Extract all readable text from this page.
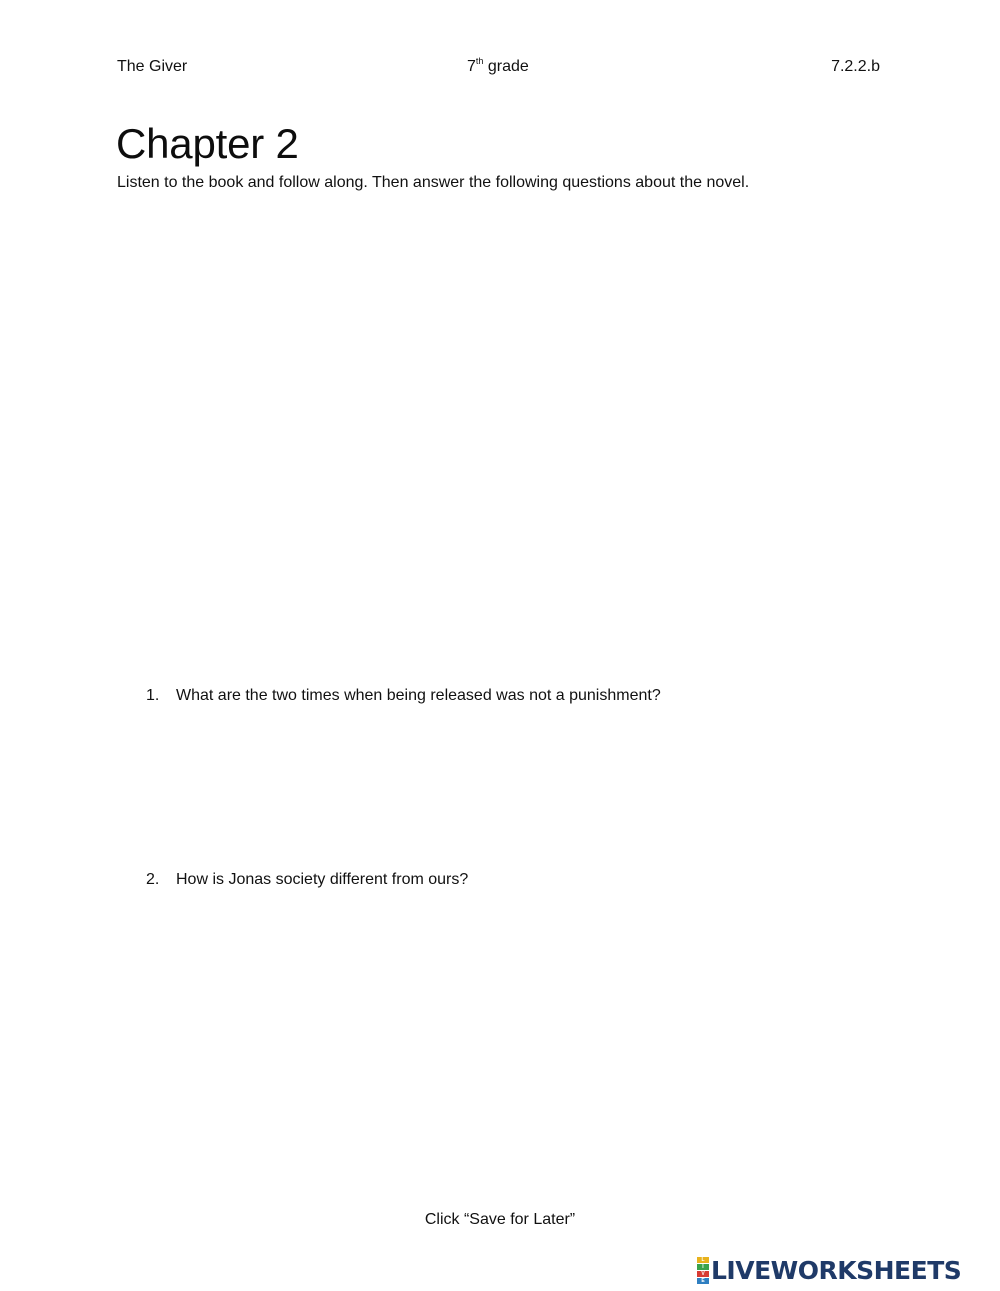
The Giver	7th grade	7.2.2.b
Chapter 2
Listen to the book and follow along. Then answer the following questions about the novel.
1. What are the two times when being released was not a punishment?
2. How is Jonas society different from ours?
Click “Save for Later”
L
I
V
E LIVEWORKSHEETS
